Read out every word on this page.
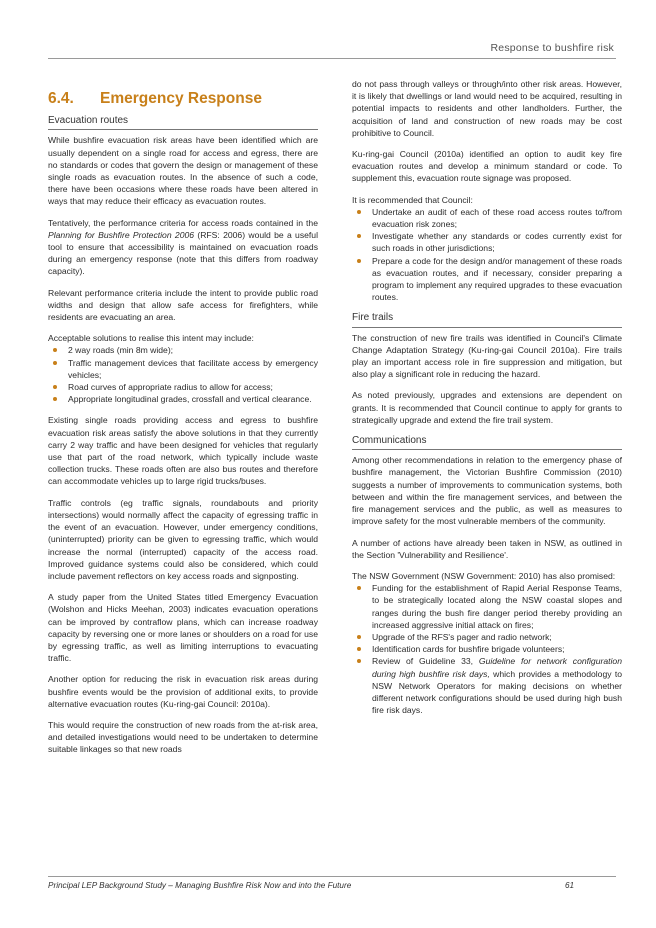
Response to bushfire risk
6.4. Emergency Response
Evacuation routes

While bushfire evacuation risk areas have been identified which are usually dependent on a single road for access and egress, there are no standards or codes that govern the design or management of these single roads as evacuation routes. In the absence of such a code, there have been occasions where these roads have been altered in ways that may reduce their efficacy as evacuation routes.

Tentatively, the performance criteria for access roads contained in the Planning for Bushfire Protection 2006 (RFS: 2006) would be a useful tool to ensure that accessibility is maintained on evacuation roads during an emergency response (note that this differs from roadway capacity).

Relevant performance criteria include the intent to provide public road widths and design that allow safe access for firefighters, while residents are evacuating an area.

Acceptable solutions to realise this intent may include:

2 way roads (min 8m wide);
Traffic management devices that facilitate access by emergency vehicles;
Road curves of appropriate radius to allow for access;
Appropriate longitudinal grades, crossfall and vertical clearance.

Existing single roads providing access and egress to bushfire evacuation risk areas satisfy the above solutions in that they currently carry 2 way traffic and have been designed for vehicles that regularly use that part of the road network, which typically include waste collection trucks. These roads often are also bus routes and therefore can accommodate vehicles up to large rigid trucks/buses.

Traffic controls (eg traffic signals, roundabouts and priority intersections) would normally affect the capacity of egressing traffic in the event of an evacuation. However, under emergency conditions, (uninterrupted) priority can be given to egressing traffic, which would increase the normal (interrupted) capacity of the access road. Improved guidance systems could also be considered, which could include pavement reflectors on key access roads and signposting.

A study paper from the United States titled Emergency Evacuation (Wolshon and Hicks Meehan, 2003) indicates evacuation operations can be improved by contraflow plans, which can increase roadway capacity by reversing one or more lanes or shoulders on a road for use by egressing traffic, as well as limiting interruptions to evacuating traffic.

Another option for reducing the risk in evacuation risk areas during bushfire events would be the provision of additional exits, to provide alternative evacuation routes (Ku-ring-gai Council: 2010a).

This would require the construction of new roads from the at-risk area, and detailed investigations would need to be undertaken to determine suitable linkages so that new roads

do not pass through valleys or through/into other risk areas. However, it is likely that dwellings or land would need to be acquired, resulting in potential impacts to residents and other landholders. Further, the acquisition of land and construction of new roads may be cost prohibitive to Council.

Ku-ring-gai Council (2010a) identified an option to audit key fire evacuation routes and develop a minimum standard or code. To supplement this, evacuation route signage was proposed.

It is recommended that Council:

Undertake an audit of each of these road access routes to/from evacuation risk zones;
Investigate whether any standards or codes currently exist for such roads in other jurisdictions;
Prepare a code for the design and/or management of these roads as evacuation routes, and if necessary, consider preparing a program to implement any required upgrades to these evacuation routes.
Fire trails

The construction of new fire trails was identified in Council's Climate Change Adaptation Strategy (Ku-ring-gai Council 2010a). Fire trails play an important access role in fire suppression and mitigation, but also play a significant role in reducing the hazard.

As noted previously, upgrades and extensions are dependent on grants. It is recommended that Council continue to apply for grants to strategically upgrade and extend the fire trail system.

Communications

Among other recommendations in relation to the emergency phase of bushfire management, the Victorian Bushfire Commission (2010) suggests a number of improvements to communication systems, both between and within the fire management services, and between the fire management services and the public, as well as measures to improve safety for the most vulnerable members of the community.

A number of actions have already been taken in NSW, as outlined in the Section 'Vulnerability and Resilience'.

The NSW Government (NSW Government: 2010) has also promised:

Funding for the establishment of Rapid Aerial Response Teams, to be strategically located along the NSW coastal slopes and ranges during the bush fire danger period thereby providing an increased aggressive initial attack on fires;
Upgrade of the RFS's pager and radio network;
Identification cards for bushfire brigade volunteers;
Review of Guideline 33, Guideline for network configuration during high bushfire risk days, which provides a methodology to NSW Network Operators for making decisions on whether different network configurations should be used during high bush fire risk days.
Principal LEP Background Study – Managing Bushfire Risk Now and into the Future	61
